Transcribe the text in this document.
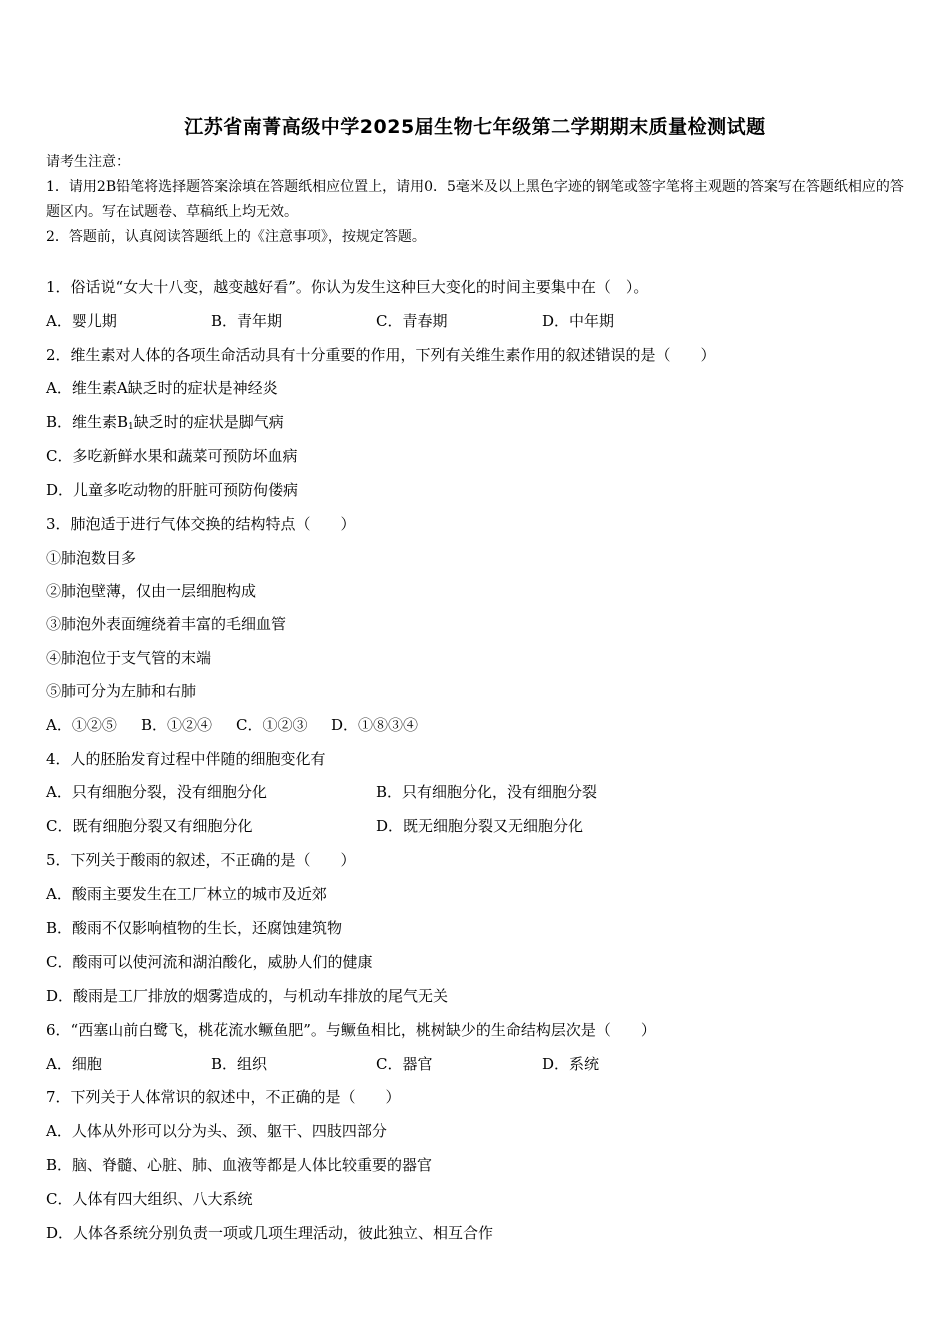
江苏省南菁高级中学2025届生物七年级第二学期期末质量检测试题
请考生注意：
1．请用2B铅笔将选择题答案涂填在答题纸相应位置上，请用0．5毫米及以上黑色字迹的钢笔或签字笔将主观题的答案写在答题纸相应的答题区内。写在试题卷、草稿纸上均无效。
2．答题前，认真阅读答题纸上的《注意事项》，按规定答题。
1．俗话说“女大十八变，越变越好看”。你认为发生这种巨大变化的时间主要集中在（　）。
A．婴儿期	B．青年期	C．青春期	D．中年期
2．维生素对人体的各项生命活动具有十分重要的作用，下列有关维生素作用的叙述错误的是（　　）
A．维生素A缺乏时的症状是神经炎
B．维生素$B_1$缺乏时的症状是脚气病
C．多吃新鲜水果和蔬菜可预防坏血病
D．儿童多吃动物的肝脏可预防佝偻病
3．肺泡适于进行气体交换的结构特点（　　）
①肺泡数目多
②肺泡壁薄，仅由一层细胞构成
③肺泡外表面缠绕着丰富的毛细血管
④肺泡位于支气管的末端
⑤肺可分为左肺和右肺
A．①②⑤ B．①②④ C．①②③ D．①⑧③④
4．人的胚胎发育过程中伴随的细胞变化有
A．只有细胞分裂，没有细胞分化	B．只有细胞分化，没有细胞分裂
C．既有细胞分裂又有细胞分化	D．既无细胞分裂又无细胞分化
5．下列关于酸雨的叙述，不正确的是（　　）
A．酸雨主要发生在工厂林立的城市及近郊
B．酸雨不仅影响植物的生长，还腐蚀建筑物
C．酸雨可以使河流和湖泊酸化，威胁人们的健康
D．酸雨是工厂排放的烟雾造成的，与机动车排放的尾气无关
6．“西塞山前白鹭飞，桃花流水鳜鱼肥”。与鳜鱼相比，桃树缺少的生命结构层次是（　　）
A．细胞	B．组织	C．器官	D．系统
7．下列关于人体常识的叙述中，不正确的是（　　）
A．人体从外形可以分为头、颈、躯干、四肢四部分
B．脑、脊髓、心脏、肺、血液等都是人体比较重要的器官
C．人体有四大组织、八大系统
D．人体各系统分别负责一项或几项生理活动，彼此独立、相互合作
